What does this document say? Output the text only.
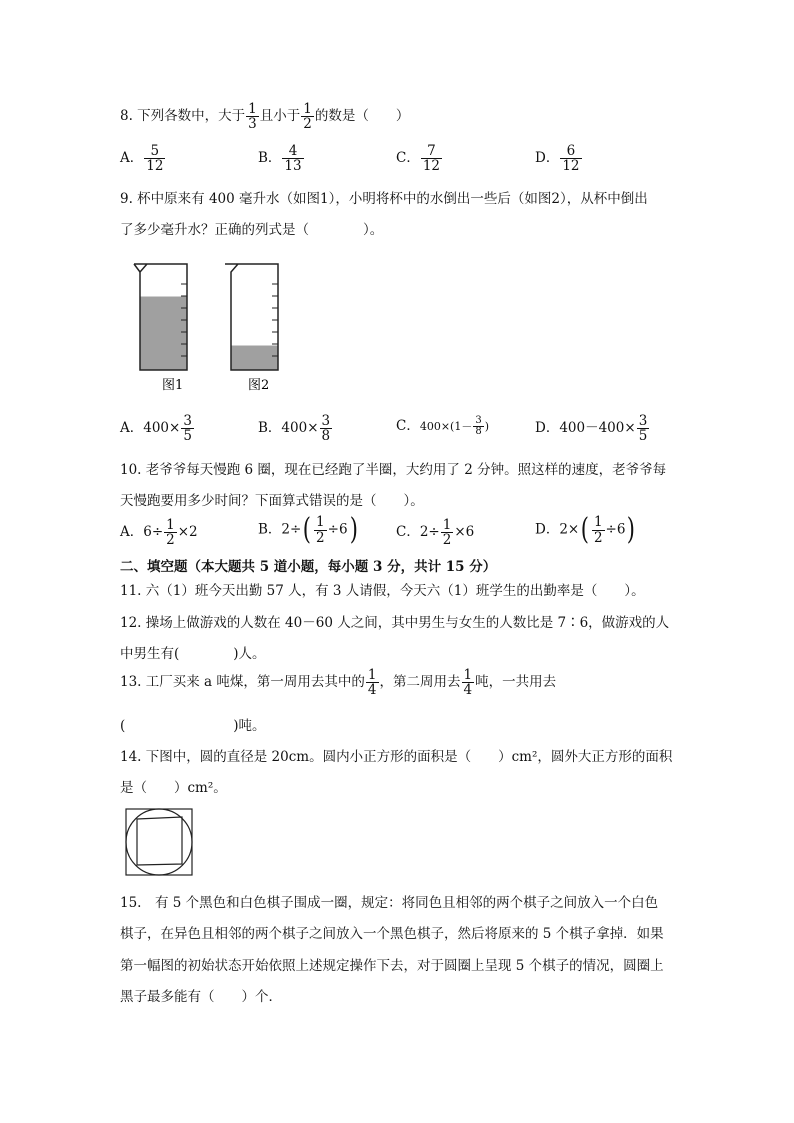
8. 下列各数中，大于 $\frac{1}{3}$ 且小于 $\frac{1}{2}$ 的数是（　　）
A． $\frac{5}{12}$	B． $\frac{4}{13}$	C． $\frac{7}{12}$	D． $\frac{6}{12}$
9. 杯中原来有 400 毫升水（如图1），小明将杯中的水倒出一些后（如图2），从杯中倒出
了多少毫升水？正确的列式是（　　　　）。
图1	图2
A．$400\times \frac{3}{5}$	B．$400\times \frac{3}{8}$	C．$400\times(1- \frac{3}{8}$ )	D．$400-400\times \frac{3}{5}$
10. 老爷爷每天慢跑 6 圈，现在已经跑了半圈，大约用了 2 分钟。照这样的速度，老爷爷每
天慢跑要用多少时间？下面算式错误的是（　　）。
A．$6\div \frac{1}{2} \times 2$	B．$2\div( \frac{1}{2} \div 6)$	C．$2\div \frac{1}{2} \times 6$	D．$2\times( \frac{1}{2} \div 6)$
二、填空题（本大题共 5 道小题，每小题 3 分，共计 15 分）
11. 六（1）班今天出勤 57 人，有 3 人请假，今天六（1）班学生的出勤率是（　　）。
12. 操场上做游戏的人数在 40－60 人之间，其中男生与女生的人数比是 7∶6，做游戏的人
中男生有(　　　　)人。
13. 工厂买来 a 吨煤，第一周用去其中的 $\frac{1}{4}$ ，第二周用去 $\frac{1}{4}$ 吨，一共用去
(　　　　　　　　)吨。
14. 下图中，圆的直径是 20cm。圆内小正方形的面积是（　　）cm²，圆外大正方形的面积
是（　　）cm²。
15.　有 5 个黑色和白色棋子围成一圈，规定：将同色且相邻的两个棋子之间放入一个白色
棋子，在异色且相邻的两个棋子之间放入一个黑色棋子，然后将原来的 5 个棋子拿掉．如果
第一幅图的初始状态开始依照上述规定操作下去，对于圆圈上呈现 5 个棋子的情况，圆圈上
黑子最多能有（　　）个．
